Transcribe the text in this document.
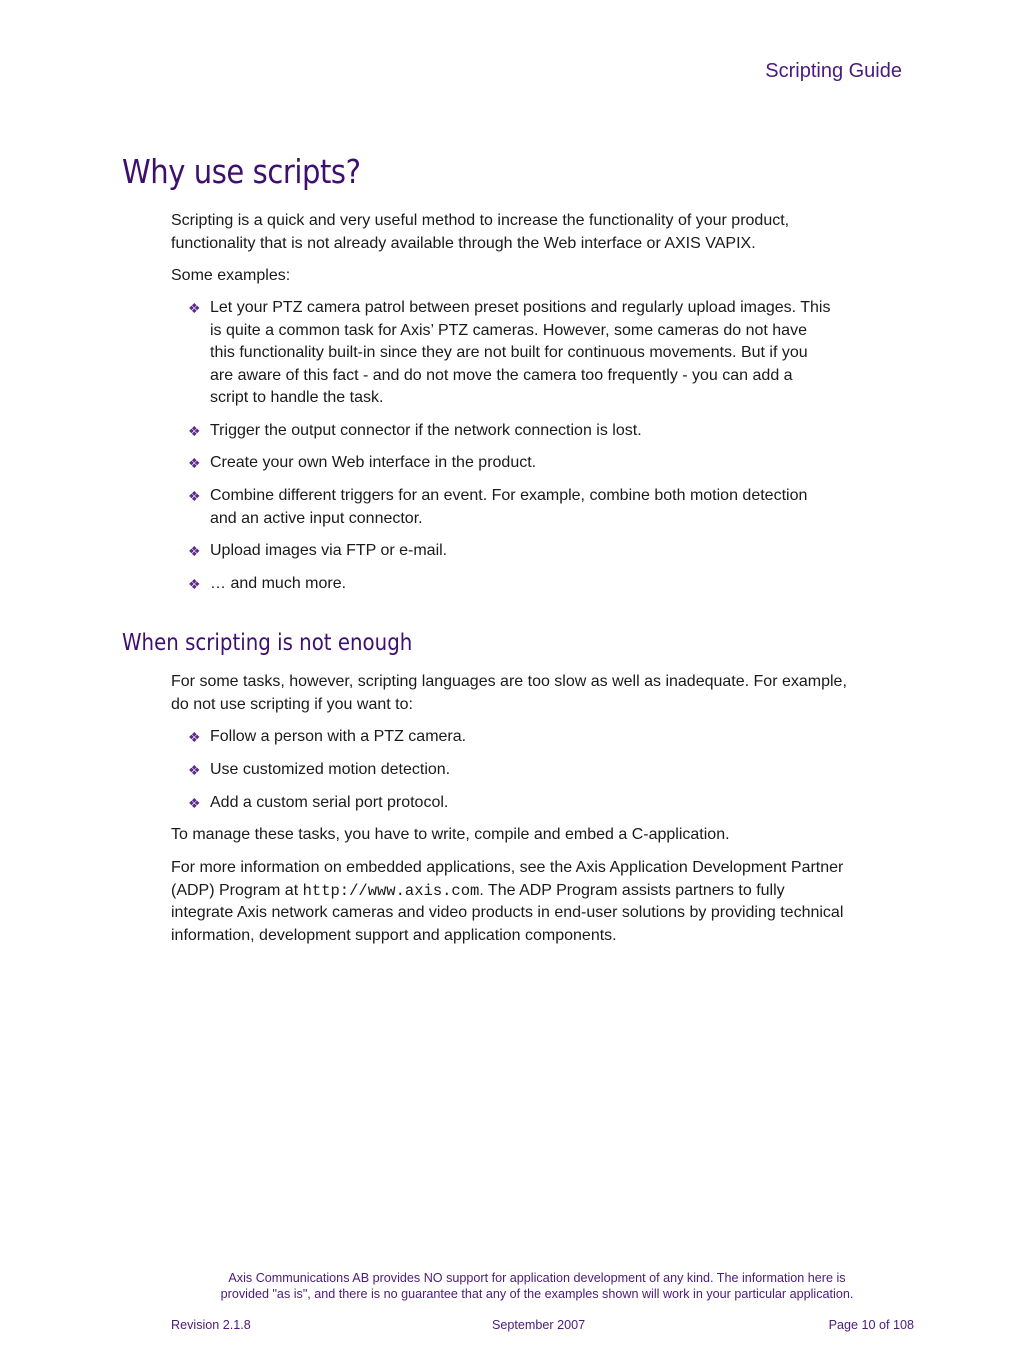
Scripting Guide
Why use scripts?

Scripting is a quick and very useful method to increase the functionality of your product,

functionality that is not already available through the Web interface or AXIS VAPIX.

Some examples:

❖ Let your PTZ camera patrol between preset positions and regularly upload images. This
is quite a common task for Axis’ PTZ cameras. However, some cameras do not have
this functionality built-in since they are not built for continuous movements. But if you
are aware of this fact - and do not move the camera too frequently - you can add a
script to handle the task.
❖ Trigger the output connector if the network connection is lost.
❖ Create your own Web interface in the product.
❖ Combine different triggers for an event. For example, combine both motion detection
and an active input connector.
❖ Upload images via FTP or e-mail.
❖ … and much more.
When scripting is not enough

For some tasks, however, scripting languages are too slow as well as inadequate. For example,

do not use scripting if you want to:

❖ Follow a person with a PTZ camera.
❖ Use customized motion detection.
❖ Add a custom serial port protocol.

To manage these tasks, you have to write, compile and embed a C-application.

For more information on embedded applications, see the Axis Application Development Partner

(ADP) Program at http://www.axis.com. The ADP Program assists partners to fully

integrate Axis network cameras and video products in end-user solutions by providing technical

information, development support and application components.

Axis Communications AB provides NO support for application development of any kind. The information here is
provided "as is", and there is no guarantee that any of the examples shown will work in your particular application.
Revision 2.1.8	September 2007	Page 10 of 108
